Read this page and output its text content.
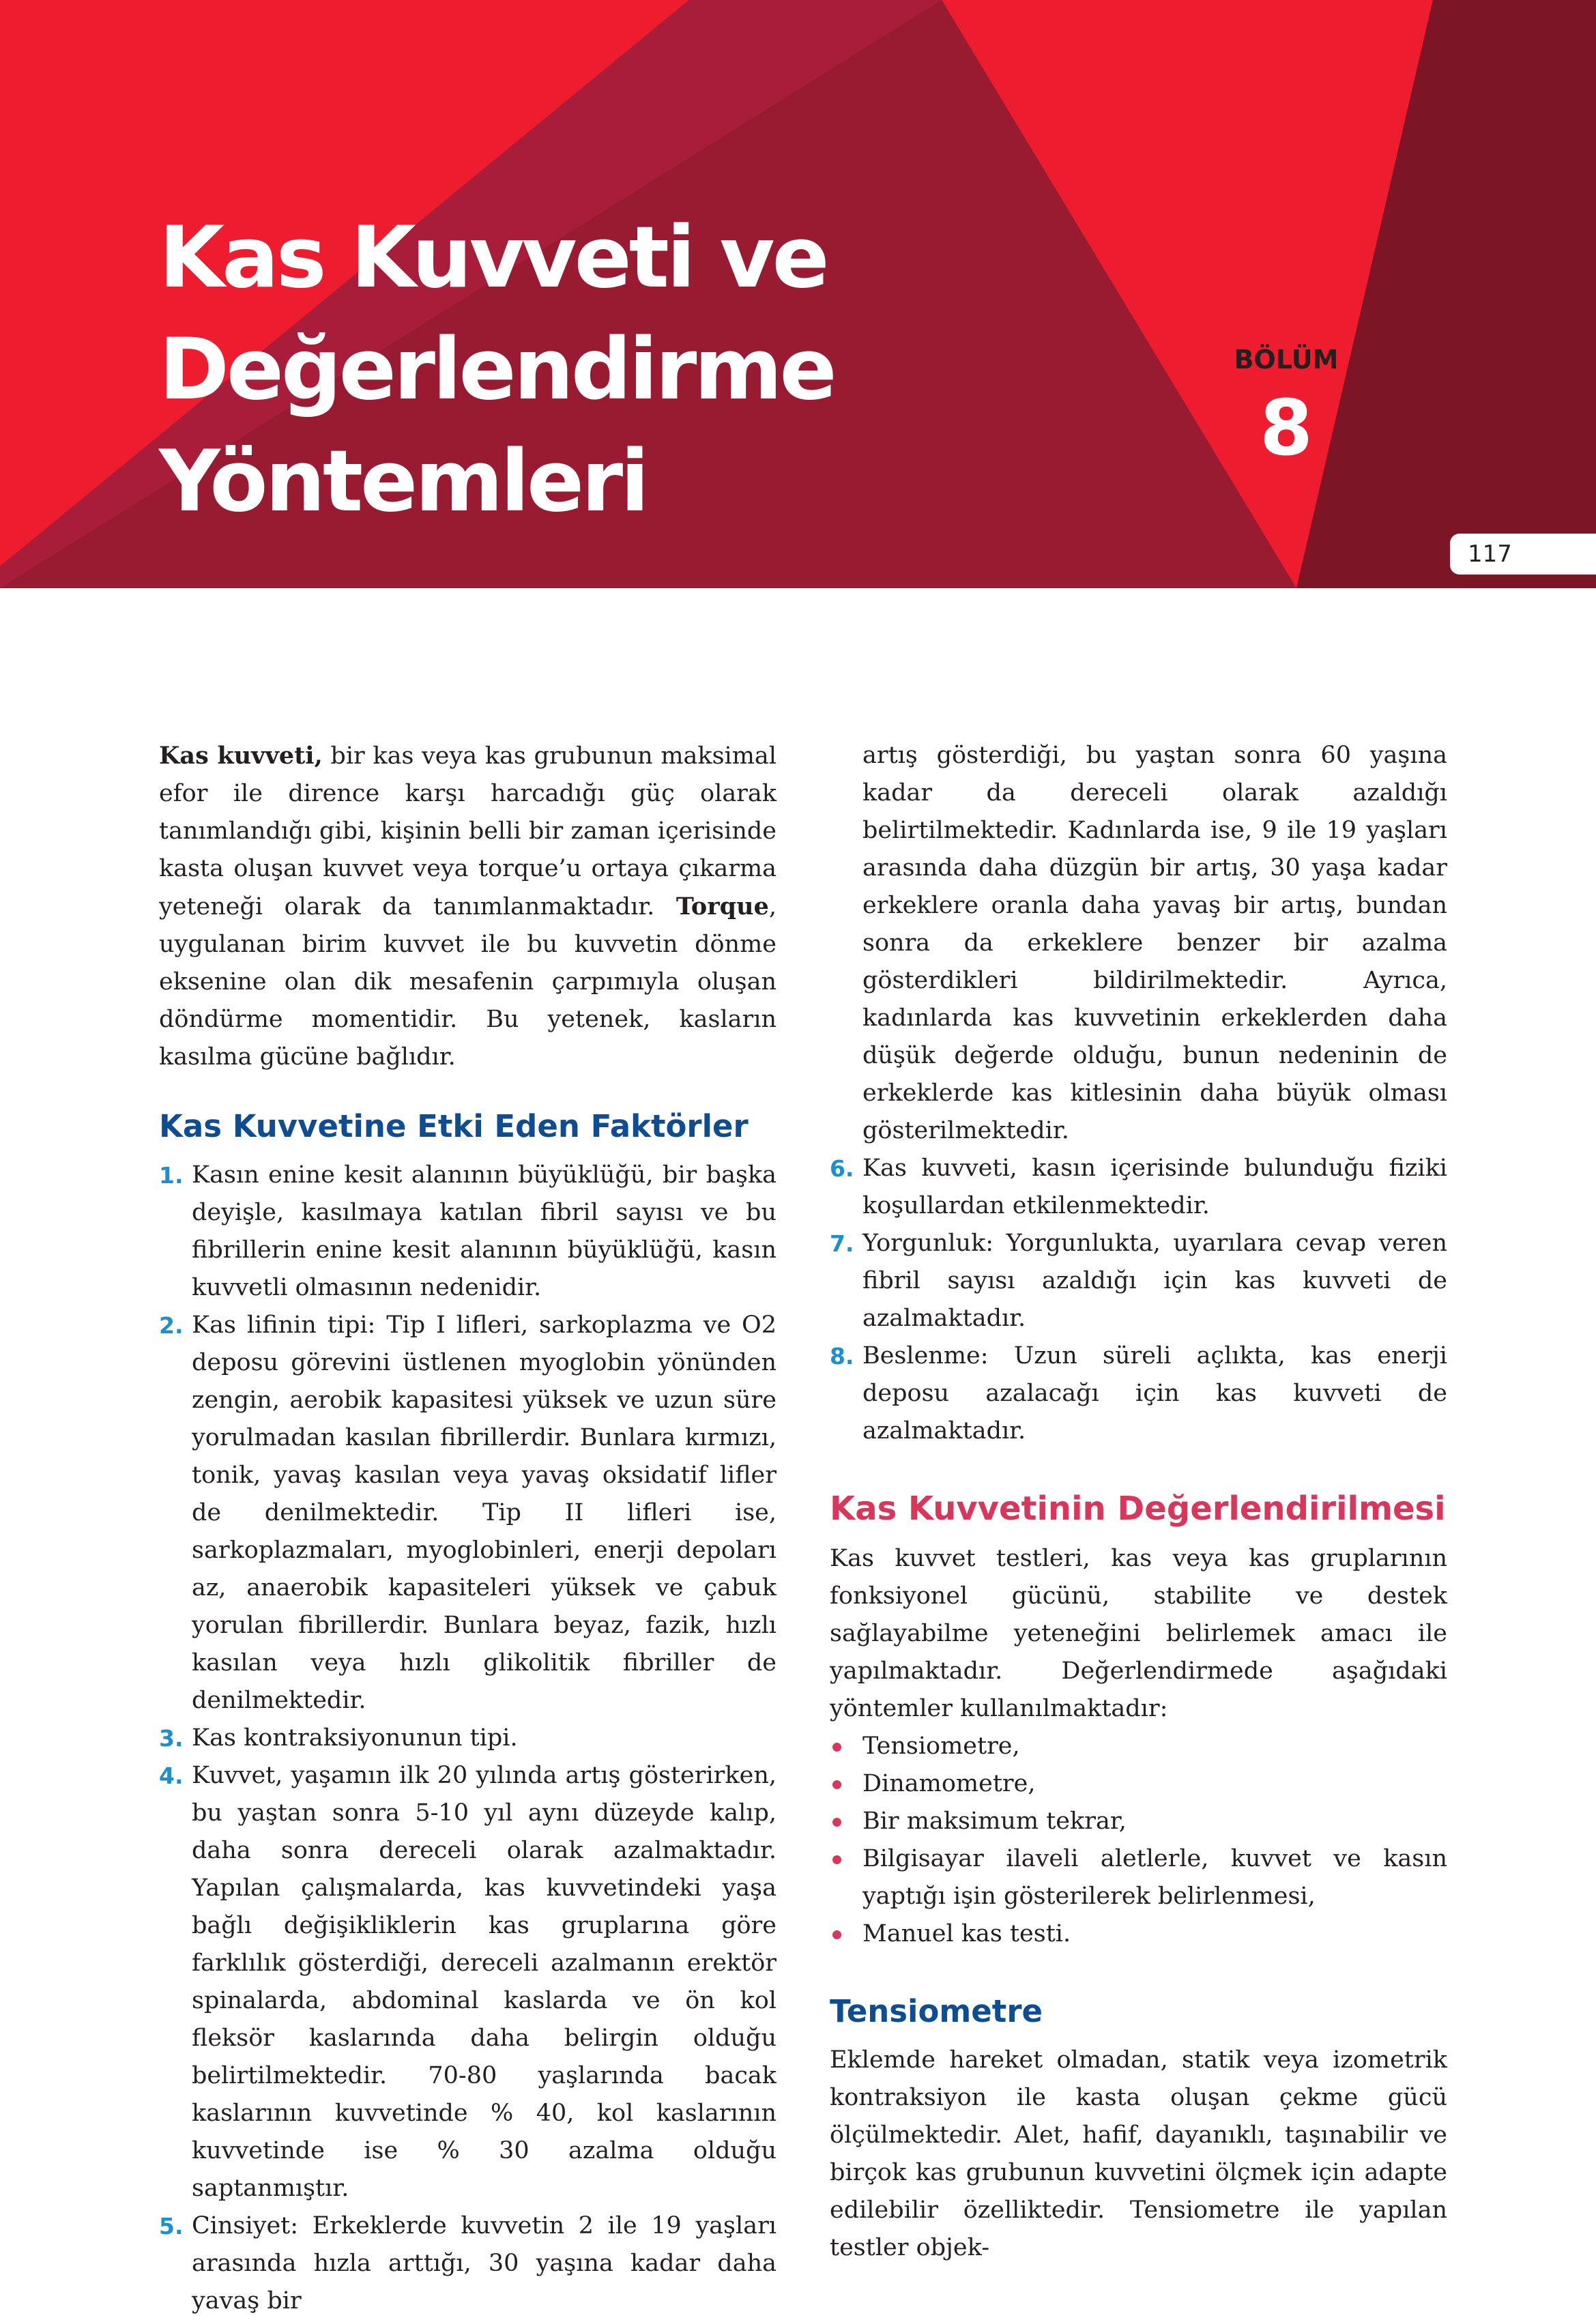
Kas Kuvveti ve
Değerlendirme
Yöntemleri
BÖLÜM
8
117

Kas kuvveti, bir kas veya kas grubunun maksimal efor ile dirence karşı harcadığı güç olarak tanımlandığı gibi, kişinin belli bir zaman içerisinde kasta oluşan kuvvet veya torque’u ortaya çıkarma yeteneği olarak da tanımlanmaktadır. Torque, uygulanan birim kuvvet ile bu kuvvetin dönme eksenine olan dik mesafenin çarpımıyla oluşan döndürme momentidir. Bu yetenek, kasların kasılma gücüne bağlıdır.

Kas Kuvvetine Etki Eden Faktörler
1. Kasın enine kesit alanının büyüklüğü, bir başka deyişle, kasılmaya katılan fibril sayısı ve bu fibrillerin enine kesit alanının büyüklüğü, kasın kuvvetli olmasının nedenidir.
2. Kas lifinin tipi: Tip I lifleri, sarkoplazma ve O2 deposu görevini üstlenen myoglobin yönünden zengin, aerobik kapasitesi yüksek ve uzun süre yorulmadan kasılan fibrillerdir. Bunlara kırmızı, tonik, yavaş kasılan veya yavaş oksidatif lifler de denilmektedir. Tip II lifleri ise, sarkoplazmaları, myoglobinleri, enerji depoları az, anaerobik kapasiteleri yüksek ve çabuk yorulan fibrillerdir. Bunlara beyaz, fazik, hızlı kasılan veya hızlı glikolitik fibriller de denilmektedir.
3. Kas kontraksiyonunun tipi.
4. Kuvvet, yaşamın ilk 20 yılında artış gösterirken, bu yaştan sonra 5-10 yıl aynı düzeyde kalıp, daha sonra dereceli olarak azalmaktadır. Yapılan çalışmalarda, kas kuvvetindeki yaşa bağlı değişikliklerin kas gruplarına göre farklılık gösterdiği, dereceli azalmanın erektör spinalarda, abdominal kaslarda ve ön kol fleksör kaslarında daha belirgin olduğu belirtilmektedir. 70-80 yaşlarında bacak kaslarının kuvvetinde % 40, kol kaslarının kuvvetinde ise % 30 azalma olduğu saptanmıştır.
5. Cinsiyet: Erkeklerde kuvvetin 2 ile 19 yaşları arasında hızla arttığı, 30 yaşına kadar daha yavaş bir
artış gösterdiği, bu yaştan sonra 60 yaşına kadar da dereceli olarak azaldığı belirtilmektedir. Kadınlarda ise, 9 ile 19 yaşları arasında daha düzgün bir artış, 30 yaşa kadar erkeklere oranla daha yavaş bir artış, bundan sonra da erkeklere benzer bir azalma gösterdikleri bildirilmektedir. Ayrıca, kadınlarda kas kuvvetinin erkeklerden daha düşük değerde olduğu, bunun nedeninin de erkeklerde kas kitlesinin daha büyük olması gösterilmektedir.
6. Kas kuvveti, kasın içerisinde bulunduğu fiziki koşullardan etkilenmektedir.
7. Yorgunluk: Yorgunlukta, uyarılara cevap veren fibril sayısı azaldığı için kas kuvveti de azalmaktadır.
8. Beslenme: Uzun süreli açlıkta, kas enerji deposu azalacağı için kas kuvveti de azalmaktadır.
Kas Kuvvetinin Değerlendirilmesi

Kas kuvvet testleri, kas veya kas gruplarının fonksiyonel gücünü, stabilite ve destek sağlayabilme yeteneğini belirlemek amacı ile yapılmaktadır. Değerlendirmede aşağıdaki yöntemler kullanılmaktadır:

Tensiometre,
Dinamometre,
Bir maksimum tekrar,
Bilgisayar ilaveli aletlerle, kuvvet ve kasın yaptığı işin gösterilerek belirlenmesi,
Manuel kas testi.
Tensiometre

Eklemde hareket olmadan, statik veya izometrik kontraksiyon ile kasta oluşan çekme gücü ölçülmektedir. Alet, hafif, dayanıklı, taşınabilir ve birçok kas grubunun kuvvetini ölçmek için adapte edilebilir özelliktedir. Tensiometre ile yapılan testler objek-
